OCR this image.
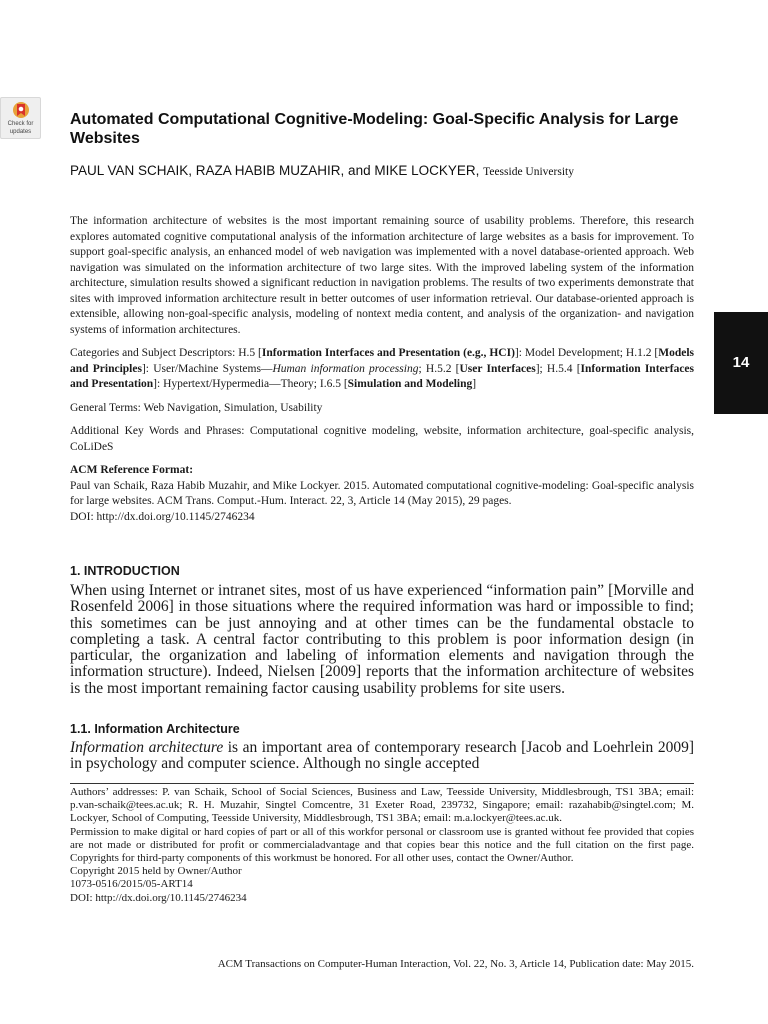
Check for
updates
Automated Computational Cognitive-Modeling: Goal-Specific Analysis for Large Websites
PAUL VAN SCHAIK, RAZA HABIB MUZAHIR, and MIKE LOCKYER, Teesside University

The information architecture of websites is the most important remaining source of usability problems. Therefore, this research explores automated cognitive computational analysis of the information architecture of large websites as a basis for improvement. To support goal-specific analysis, an enhanced model of web navigation was implemented with a novel database-oriented approach. Web navigation was simulated on the information architecture of two large sites. With the improved labeling system of the information architecture, simulation results showed a significant reduction in navigation problems. The results of two experiments demonstrate that sites with improved information architecture result in better outcomes of user information retrieval. Our database-oriented approach is extensible, allowing non-goal-specific analysis, modeling of nontext media content, and analysis of the organization- and navigation systems of information architectures.

Categories and Subject Descriptors: H.5 [Information Interfaces and Presentation (e.g., HCI)]: Model Development; H.1.2 [Models and Principles]: User/Machine Systems—Human information processing; H.5.2 [User Interfaces]; H.5.4 [Information Interfaces and Presentation]: Hypertext/Hypermedia—Theory; I.6.5 [Simulation and Modeling]

General Terms: Web Navigation, Simulation, Usability

Additional Key Words and Phrases: Computational cognitive modeling, website, information architecture, goal-specific analysis, CoLiDeS

ACM Reference Format:

Paul van Schaik, Raza Habib Muzahir, and Mike Lockyer. 2015. Automated computational cognitive-modeling: Goal-specific analysis for large websites. ACM Trans. Comput.-Hum. Interact. 22, 3, Article 14 (May 2015), 29 pages.

DOI: http://dx.doi.org/10.1145/2746234

14
1. INTRODUCTION

When using Internet or intranet sites, most of us have experienced “information pain” [Morville and Rosenfeld 2006] in those situations where the required information was hard or impossible to find; this sometimes can be just annoying and at other times can be the fundamental obstacle to completing a task. A central factor contributing to this problem is poor information design (in particular, the organization and labeling of information elements and navigation through the information structure). Indeed, Nielsen [2009] reports that the information architecture of websites is the most important remaining factor causing usability problems for site users.

1.1. Information Architecture

Information architecture is an important area of contemporary research [Jacob and Loehrlein 2009] in psychology and computer science. Although no single accepted

Authors’ addresses: P. van Schaik, School of Social Sciences, Business and Law, Teesside University, Middlesbrough, TS1 3BA; email: p.van-schaik@tees.ac.uk; R. H. Muzahir, Singtel Comcentre, 31 Exeter Road, 239732, Singapore; email: razahabib@singtel.com; M. Lockyer, School of Computing, Teesside University, Middlesbrough, TS1 3BA; email: m.a.lockyer@tees.ac.uk.

Permission to make digital or hard copies of part or all of this workfor personal or classroom use is granted without fee provided that copies are not made or distributed for profit or commercialadvantage and that copies bear this notice and the full citation on the first page. Copyrights for third-party components of this workmust be honored. For all other uses, contact the Owner/Author.

Copyright 2015 held by Owner/Author

1073-0516/2015/05-ART14

DOI: http://dx.doi.org/10.1145/2746234

ACM Transactions on Computer-Human Interaction, Vol. 22, No. 3, Article 14, Publication date: May 2015.
